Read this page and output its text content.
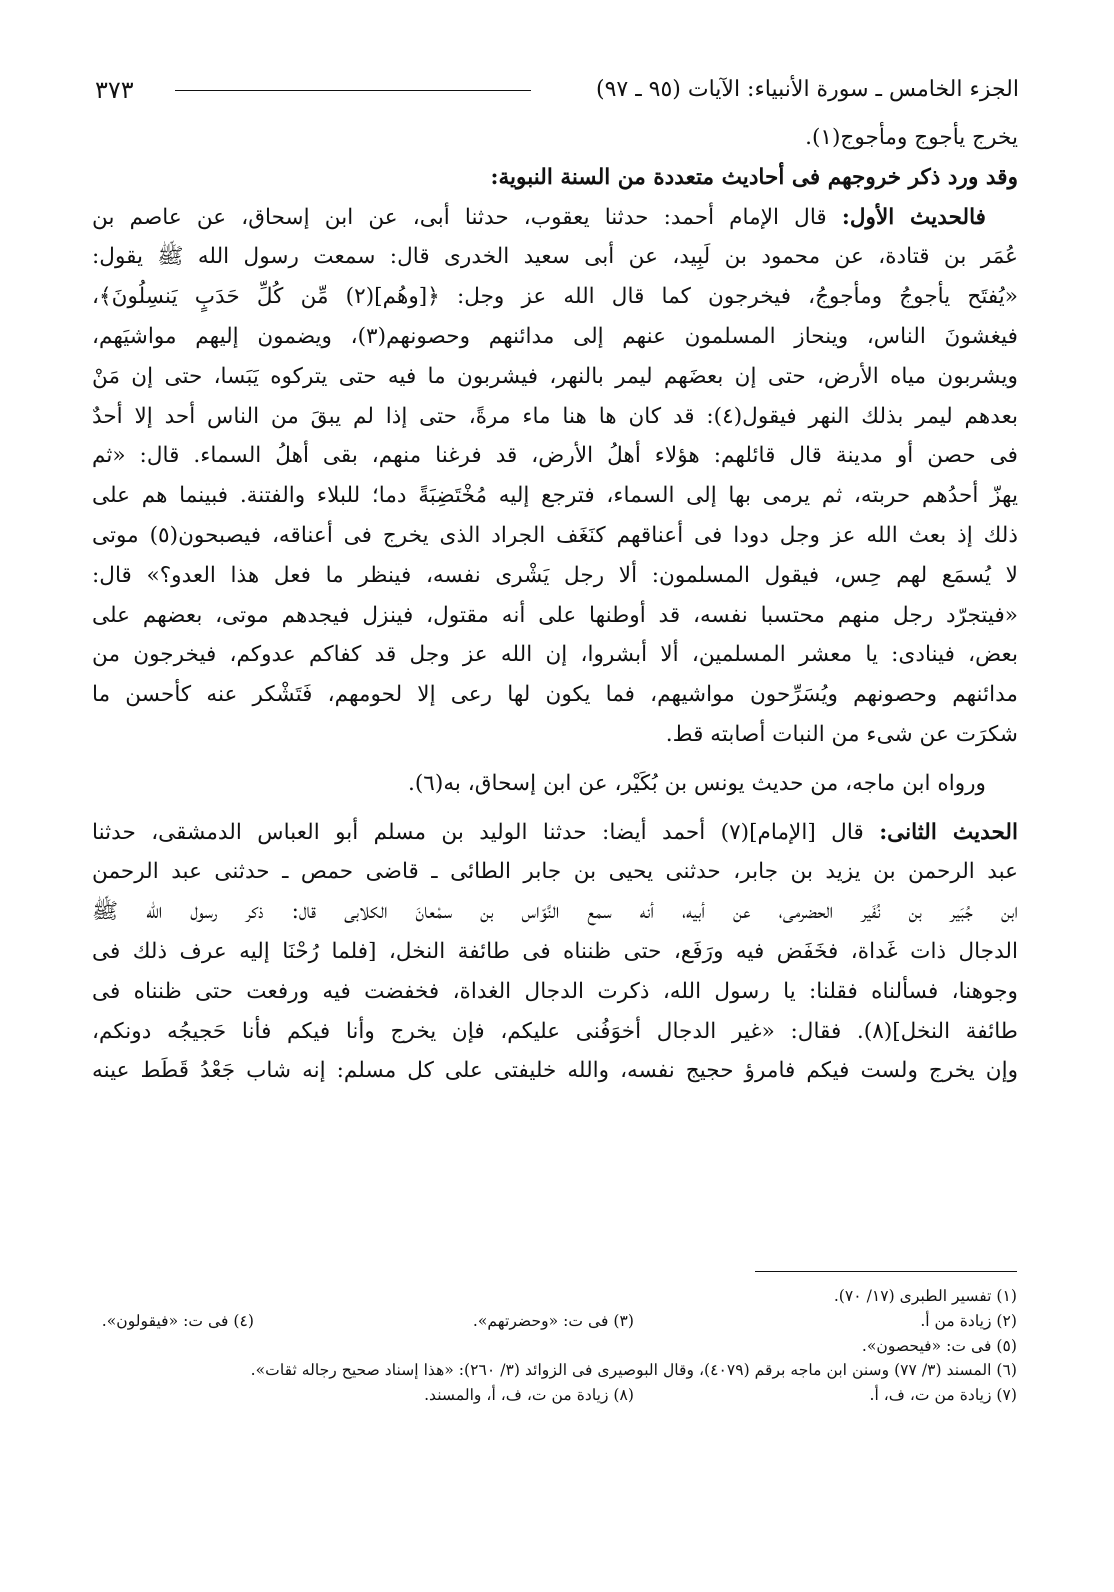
الجزء الخامس ـ سورة الأنبياء: الآيات (٩٥ ـ ٩٧)
٣٧٣
يخرج يأجوج ومأجوج(١).
وقد ورد ذكر خروجهم فى أحاديث متعددة من السنة النبوية:
فالحديث الأول: قال الإمام أحمد: حدثنا يعقوب، حدثنا أبى، عن ابن إسحاق، عن عاصم بن
عُمَر بن قتادة، عن محمود بن لَبِيد، عن أبى سعيد الخدرى قال: سمعت رسول الله ﷺ يقول:
«يُفتَح يأجوجُ ومأجوجُ، فيخرجون كما قال الله عز وجل: ﴿[وهُم](٢) مِّن كُلِّ حَدَبٍ يَنسِلُونَ﴾،
فيغشونَ الناس، وينحاز المسلمون عنهم إلى مدائنهم وحصونهم(٣)، ويضمون إليهم مواشيَهم،
ويشربون مياه الأرض، حتى إن بعضَهم ليمر بالنهر، فيشربون ما فيه حتى يتركوه يَبَسا، حتى إن مَنْ
بعدهم ليمر بذلك النهر فيقول(٤): قد كان ها هنا ماء مرةً، حتى إذا لم يبقَ من الناس أحد إلا أحدٌ
فى حصن أو مدينة قال قائلهم: هؤلاء أهلُ الأرض، قد فرغنا منهم، بقى أهلُ السماء. قال: «ثم
يهزّ أحدُهم حربته، ثم يرمى بها إلى السماء، فترجع إليه مُخْتَضِبَةً دما؛ للبلاء والفتنة. فبينما هم على
ذلك إذ بعث الله عز وجل دودا فى أعناقهم كنَغَف الجراد الذى يخرج فى أعناقه، فيصبحون(٥) موتى
لا يُسمَع لهم حِس، فيقول المسلمون: ألا رجل يَشْرى نفسه، فينظر ما فعل هذا العدو؟» قال:
«فيتجرّد رجل منهم محتسبا نفسه، قد أوطنها على أنه مقتول، فينزل فيجدهم موتى، بعضهم على
بعض، فينادى: يا معشر المسلمين، ألا أبشروا، إن الله عز وجل قد كفاكم عدوكم، فيخرجون من
مدائنهم وحصونهم ويُسَرِّحون مواشيهم، فما يكون لها رعى إلا لحومهم، فَتَشْكر عنه كأحسن ما
شكرَت عن شىء من النبات أصابته قط.
ورواه ابن ماجه، من حديث يونس بن بُكَيْر، عن ابن إسحاق، به(٦).
الحديث الثانى: قال [الإمام](٧) أحمد أيضا: حدثنا الوليد بن مسلم أبو العباس الدمشقى، حدثنا
عبد الرحمن بن يزيد بن جابر، حدثنى يحيى بن جابر الطائى ـ قاضى حمص ـ حدثنى عبد الرحمن
ابن جُبَير بن نُفَير الحضرمى، عن أبيه، أنه سمع النَّوّاس بن سمْعانَ الكلابى قال: ذكر رسول الله ﷺ
الدجال ذات غَداة، فخَفَض فيه ورَفَع، حتى ظنناه فى طائفة النخل، [فلما رُحْنَا إليه عرف ذلك فى
وجوهنا، فسألناه فقلنا: يا رسول الله، ذكرت الدجال الغداة، فخفضت فيه ورفعت حتى ظنناه فى
طائفة النخل](٨). فقال: «غير الدجال أخوَفُنى عليكم، فإن يخرج وأنا فيكم فأنا حَجيجُه دونكم،
وإن يخرج ولست فيكم فامرؤ حجيج نفسه، والله خليفتى على كل مسلم: إنه شاب جَعْدُ قَطَط عينه
(١) تفسير الطبرى (١٧/ ٧٠).
(٢) زيادة من أ.
(٣) فى ت: «وحضرتهم».
(٤) فى ت: «فيقولون».
(٥) فى ت: «فيحصون».
(٦) المسند (٣/ ٧٧) وسنن ابن ماجه برقم (٤٠٧٩)، وقال البوصيرى فى الزوائد (٣/ ٢٦٠): «هذا إسناد صحيح رجاله ثقات».
(٧) زيادة من ت، ف، أ.
(٨) زيادة من ت، ف، أ، والمسند.
